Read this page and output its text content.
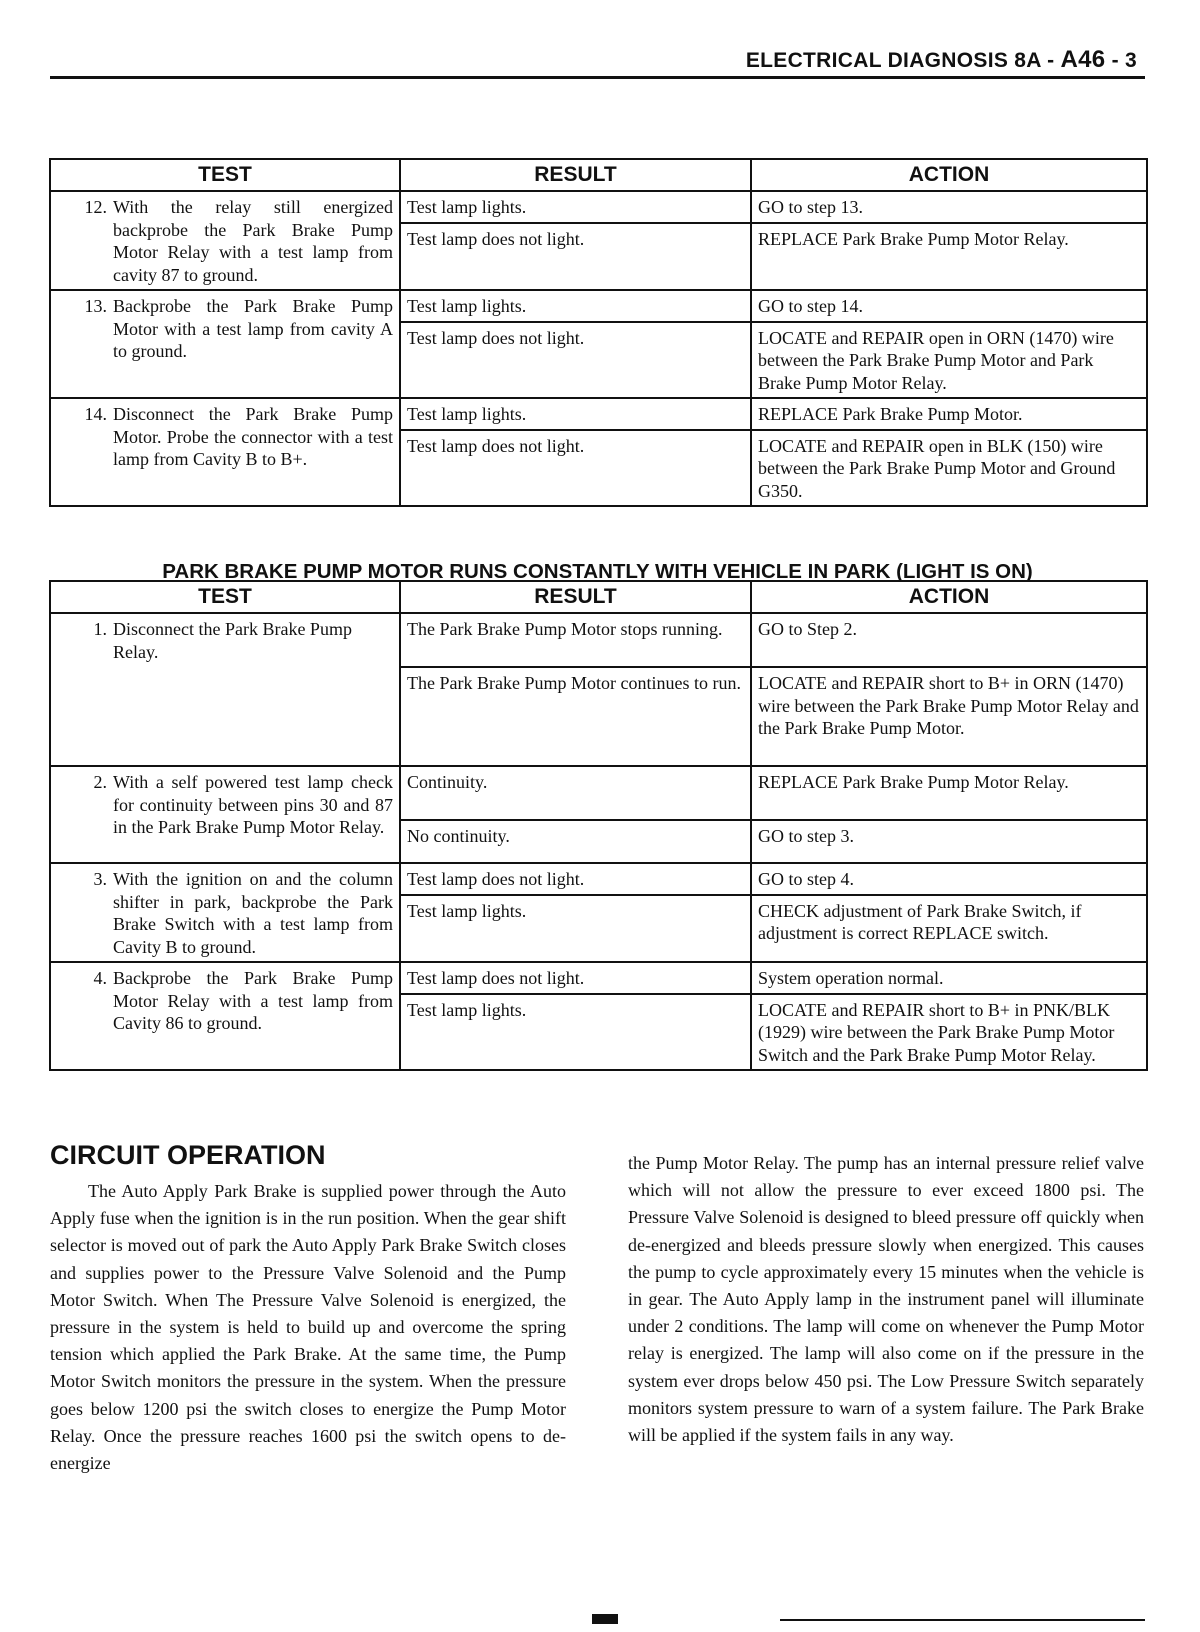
ELECTRICAL DIAGNOSIS 8A - A46 - 3
TEST	RESULT	ACTION

12. With the relay still energized backprobe the Park Brake Pump Motor Relay with a test lamp from cavity 87 to ground.	Test lamp lights.	GO to step 13.
	Test lamp does not light.	REPLACE Park Brake Pump Motor Relay.

13. Backprobe the Park Brake Pump Motor with a test lamp from cavity A to ground.	Test lamp lights.	GO to step 14.
	Test lamp does not light.	LOCATE and REPAIR open in ORN (1470) wire between the Park Brake Pump Motor and Park Brake Pump Motor Relay.

14. Disconnect the Park Brake Pump Motor. Probe the connector with a test lamp from Cavity B to B+.	Test lamp lights.	REPLACE Park Brake Pump Motor.
	Test lamp does not light.	LOCATE and REPAIR open in BLK (150) wire between the Park Brake Pump Motor and Ground G350.
PARK BRAKE PUMP MOTOR RUNS CONSTANTLY WITH VEHICLE IN PARK (LIGHT IS ON)
TEST	RESULT	ACTION

1. Disconnect the Park Brake Pump Relay.	The Park Brake Pump Motor stops running.	GO to Step 2.
	The Park Brake Pump Motor continues to run.	LOCATE and REPAIR short to B+ in ORN (1470) wire between the Park Brake Pump Motor Relay and the Park Brake Pump Motor.

2. With a self powered test lamp check for continuity between pins 30 and 87 in the Park Brake Pump Motor Relay.	Continuity.	REPLACE Park Brake Pump Motor Relay.
	No continuity.	GO to step 3.

3. With the ignition on and the column shifter in park, backprobe the Park Brake Switch with a test lamp from Cavity B to ground.	Test lamp does not light.	GO to step 4.
	Test lamp lights.	CHECK adjustment of Park Brake Switch, if adjustment is correct REPLACE switch.

4. Backprobe the Park Brake Pump Motor Relay with a test lamp from Cavity 86 to ground.	Test lamp does not light.	System operation normal.
	Test lamp lights.	LOCATE and REPAIR short to B+ in PNK/BLK (1929) wire between the Park Brake Pump Motor Switch and the Park Brake Pump Motor Relay.
CIRCUIT OPERATION
The Auto Apply Park Brake is supplied power through the Auto Apply fuse when the ignition is in the run position. When the gear shift selector is moved out of park the Auto Apply Park Brake Switch closes and supplies power to the Pressure Valve Solenoid and the Pump Motor Switch. When The Pressure Valve Solenoid is energized, the pressure in the system is held to build up and overcome the spring tension which applied the Park Brake. At the same time, the Pump Motor Switch monitors the pressure in the system. When the pressure goes below 1200 psi the switch closes to energize the Pump Motor Relay. Once the pressure reaches 1600 psi the switch opens to de-energize
the Pump Motor Relay. The pump has an internal pressure relief valve which will not allow the pressure to ever exceed 1800 psi. The Pressure Valve Solenoid is designed to bleed pressure off quickly when de-energized and bleeds pressure slowly when energized. This causes the pump to cycle approximately every 15 minutes when the vehicle is in gear. The Auto Apply lamp in the instrument panel will illuminate under 2 conditions. The lamp will come on whenever the Pump Motor relay is energized. The lamp will also come on if the pressure in the system ever drops below 450 psi. The Low Pressure Switch separately monitors system pressure to warn of a system failure. The Park Brake will be applied if the system fails in any way.
